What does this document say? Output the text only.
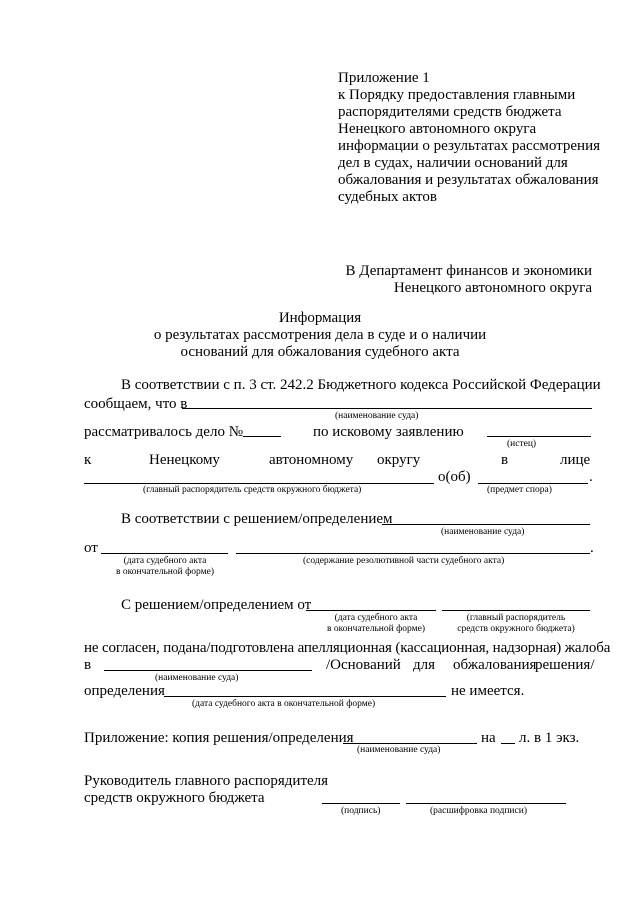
Приложение 1
к Порядку предоставления главными
распорядителями средств бюджета
Ненецкого автономного округа
информации о результатах рассмотрения
дел в судах, наличии оснований для
обжалования и результатах обжалования
судебных актов
В Департамент финансов и экономики
Ненецкого автономного округа
Информация
о результатах рассмотрения дела в суде и о наличии
оснований для обжалования судебного акта
В соответствии с п. 3 ст. 242.2 Бюджетного кодекса Российской Федерации
сообщаем, что в
(наименование суда)
рассматривалось дело №	по исковому заявлению
(истец)
к	Ненецкому	автономному округу	в	лице
о(об)	.
(главный распорядитель средств окружного бюджета)	(предмет спора)
В соответствии с решением/определением
(наименование суда)
от	.
(дата судебного акта
в окончательной форме)
(содержание резолютивной части судебного акта)
С решением/определением от
(дата судебного акта
в окончательной форме)
(главный распорядитель
средств окружного бюджета)
не согласен, подана/подготовлена апелляционная (кассационная, надзорная) жалоба
в	/Оснований для обжалования
решения/
(наименование суда)
определения	не имеется.
(дата судебного акта в окончательной форме)
Приложение: копия решения/определения	на л. в 1 экз.
(наименование суда)
Руководитель главного распорядителя
средств окружного бюджета
(подпись)	(расшифровка подписи)
